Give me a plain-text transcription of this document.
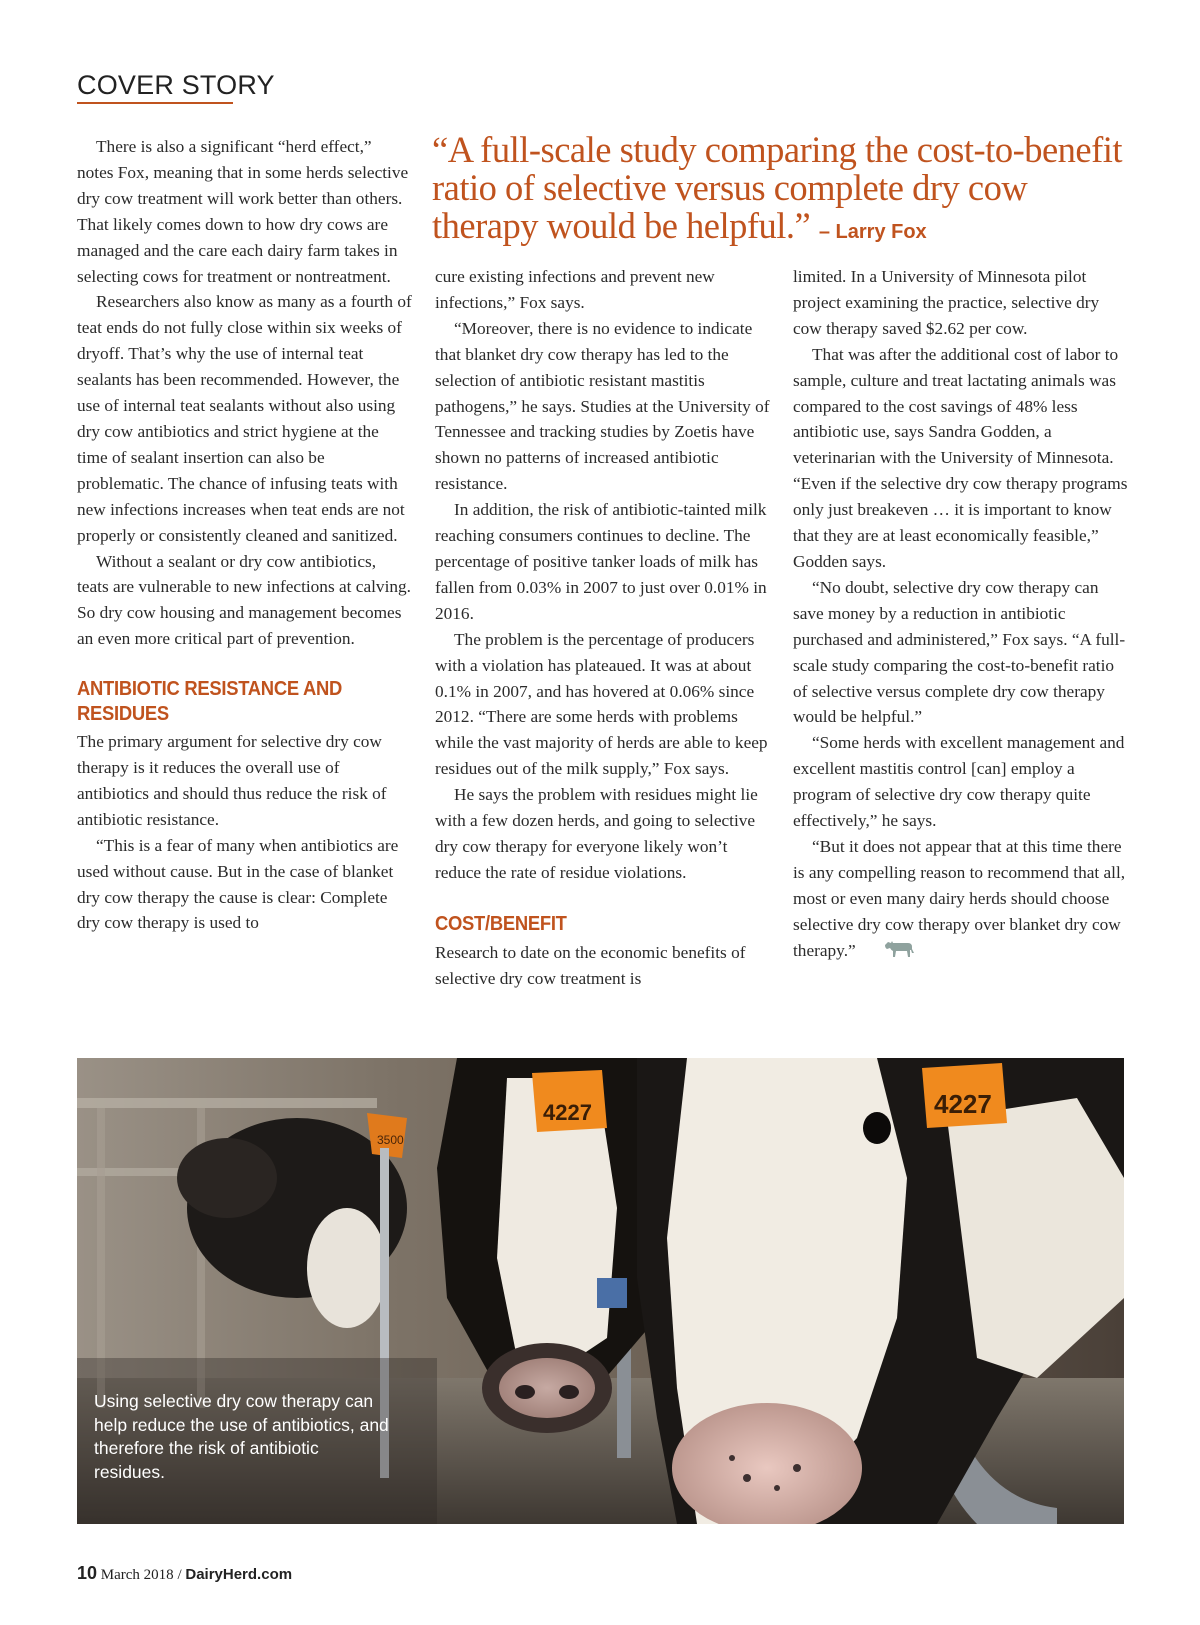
COVER STORY
“A full-scale study comparing the cost-to-benefit ratio of selective versus complete dry cow therapy would be helpful.” – Larry Fox

There is also a significant “herd effect,” notes Fox, meaning that in some herds selective dry cow treatment will work better than others. That likely comes down to how dry cows are managed and the care each dairy farm takes in selecting cows for treatment or nontreatment.

Researchers also know as many as a fourth of teat ends do not fully close within six weeks of dryoff. That’s why the use of internal teat sealants has been recommended. However, the use of internal teat sealants without also using dry cow antibiotics and strict hygiene at the time of sealant insertion can also be problematic. The chance of infusing teats with new infections increases when teat ends are not properly or consistently cleaned and sanitized.

Without a sealant or dry cow antibiotics, teats are vulnerable to new infections at calving. So dry cow housing and management becomes an even more critical part of prevention.

ANTIBIOTIC RESISTANCE AND RESIDUES

The primary argument for selective dry cow therapy is it reduces the overall use of antibiotics and should thus reduce the risk of antibiotic resistance.

“This is a fear of many when antibiotics are used without cause. But in the case of blanket dry cow therapy the cause is clear: Complete dry cow therapy is used to

cure existing infections and prevent new infections,” Fox says.

“Moreover, there is no evidence to indicate that blanket dry cow therapy has led to the selection of antibiotic resistant mastitis pathogens,” he says. Studies at the University of Tennessee and tracking studies by Zoetis have shown no patterns of increased antibiotic resistance.

In addition, the risk of antibiotic-tainted milk reaching consumers continues to decline. The percentage of positive tanker loads of milk has fallen from 0.03% in 2007 to just over 0.01% in 2016.

The problem is the percentage of producers with a violation has plateaued. It was at about 0.1% in 2007, and has hovered at 0.06% since 2012. “There are some herds with problems while the vast majority of herds are able to keep residues out of the milk supply,” Fox says.

He says the problem with residues might lie with a few dozen herds, and going to selective dry cow therapy for everyone likely won’t reduce the rate of residue violations.

COST/BENEFIT

Research to date on the economic benefits of selective dry cow treatment is

limited. In a University of Minnesota pilot project examining the practice, selective dry cow therapy saved $2.62 per cow.

That was after the additional cost of labor to sample, culture and treat lactating animals was compared to the cost savings of 48% less antibiotic use, says Sandra Godden, a veterinarian with the University of Minnesota. “Even if the selective dry cow therapy programs only just breakeven … it is important to know that they are at least economically feasible,” Godden says.

“No doubt, selective dry cow therapy can save money by a reduction in antibiotic purchased and administered,” Fox says. “A full-scale study comparing the cost-to-benefit ratio of selective versus complete dry cow therapy would be helpful.”

“Some herds with excellent management and excellent mastitis control [can] employ a program of selective dry cow therapy quite effectively,” he says.

“But it does not appear that at this time there is any compelling reason to recommend that all, most or even many dairy herds should choose selective dry cow therapy over blanket dry cow therapy.”

3500
4227	4227
Using selective dry cow therapy can help reduce the use of antibiotics, and therefore the risk of antibiotic residues.
10 March 2018 / DairyHerd.com
